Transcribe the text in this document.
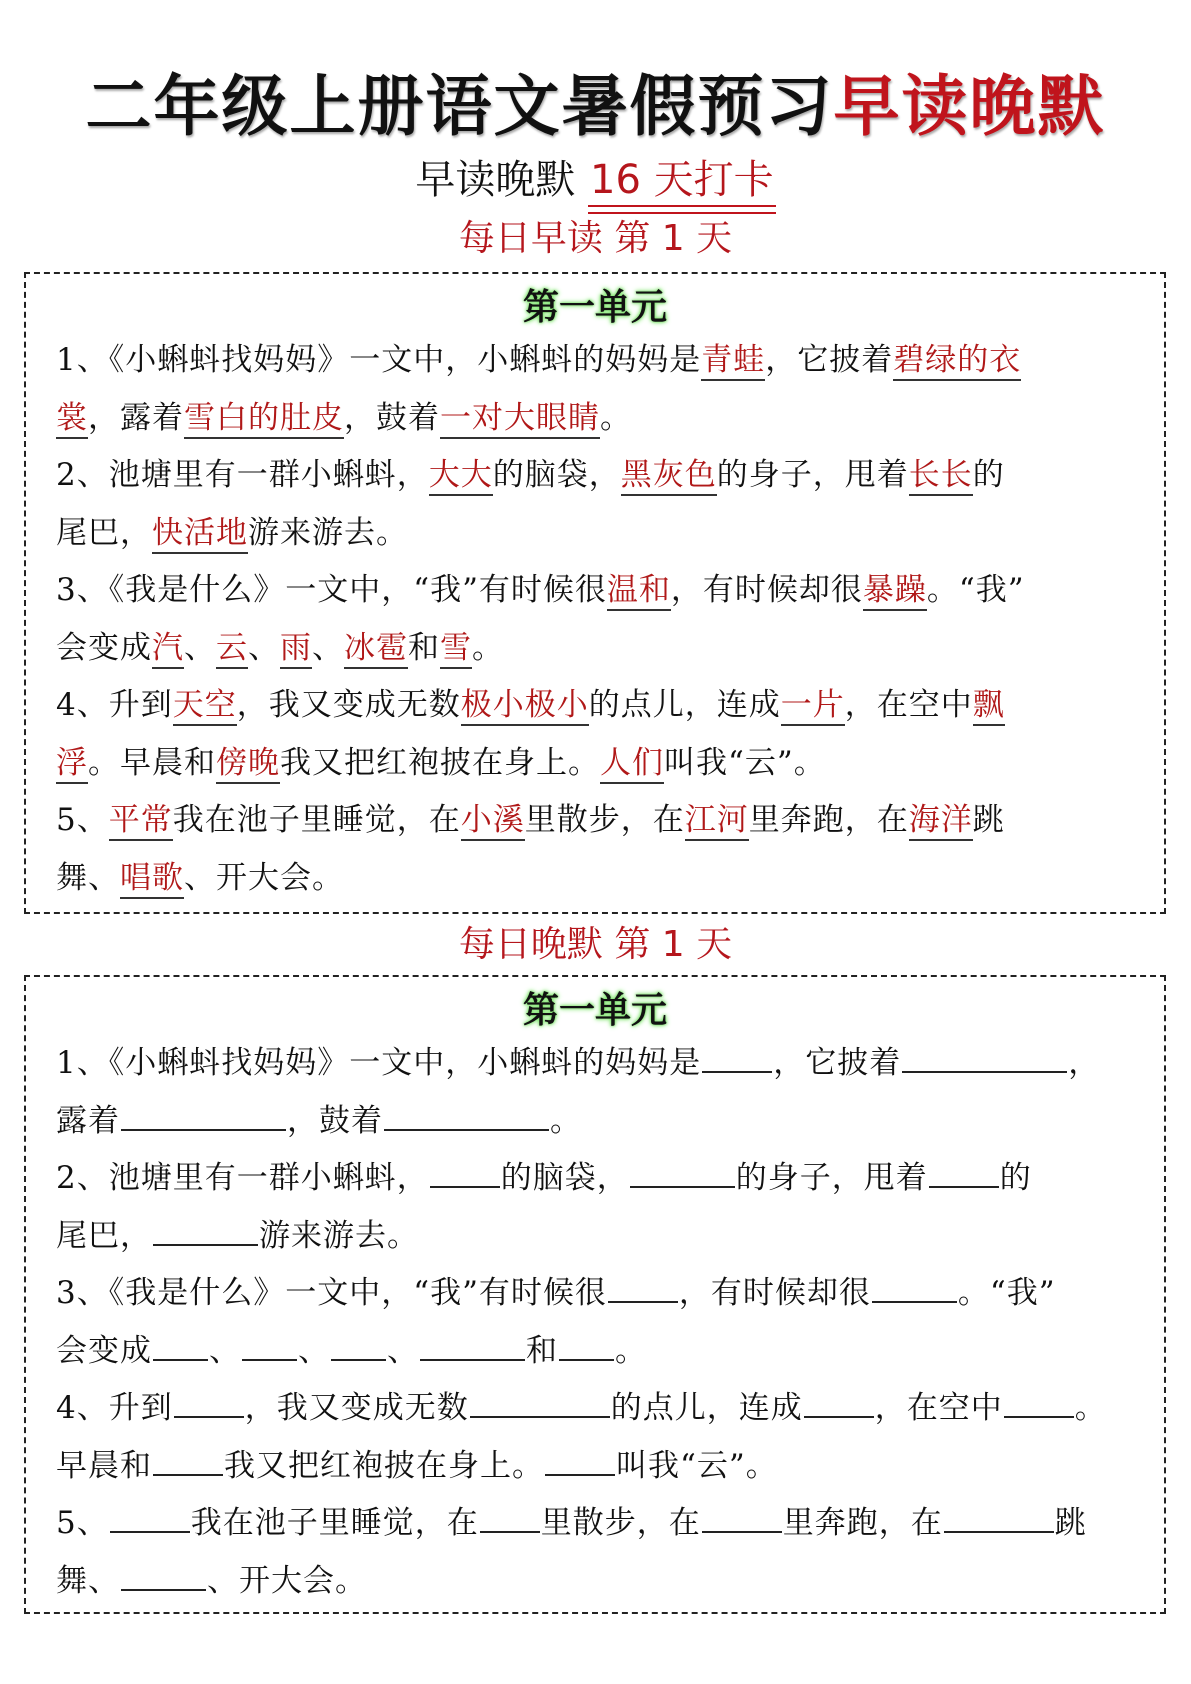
二年级上册语文暑假预习早读晚默
早读晚默 16 天打卡
每日早读 第 1 天
第一单元
1、《小蝌蚪找妈妈》一文中，小蝌蚪的妈妈是青蛙，它披着碧绿的衣
裳，露着雪白的肚皮，鼓着一对大眼睛。
2、池塘里有一群小蝌蚪，大大的脑袋，黑灰色的身子，甩着长长的
尾巴，快活地游来游去。
3、《我是什么》一文中，“我”有时候很温和，有时候却很暴躁。“我”
会变成汽、云、雨、冰雹和雪。
4、升到天空，我又变成无数极小极小的点儿，连成一片，在空中飘
浮。早晨和傍晚我又把红袍披在身上。人们叫我“云”。
5、平常我在池子里睡觉，在小溪里散步，在江河里奔跑，在海洋跳
舞、唱歌、开大会。
每日晚默 第 1 天
第一单元
1、《小蝌蚪找妈妈》一文中，小蝌蚪的妈妈是 ，它披着	，
露着	，鼓着	。
2、池塘里有一群小蝌蚪， 的脑袋，	的身子，甩着 的
尾巴，	游来游去。
3、《我是什么》一文中，“我”有时候很 ，有时候却很	。“我”
会变成 、 、 、	和 。
4、升到 ，我又变成无数	的点儿，连成 ，在空中 。
早晨和 我又把红袍披在身上。 叫我“云”。
5、	我在池子里睡觉，在 里散步，在	里奔跑，在	跳
舞、	、开大会。
